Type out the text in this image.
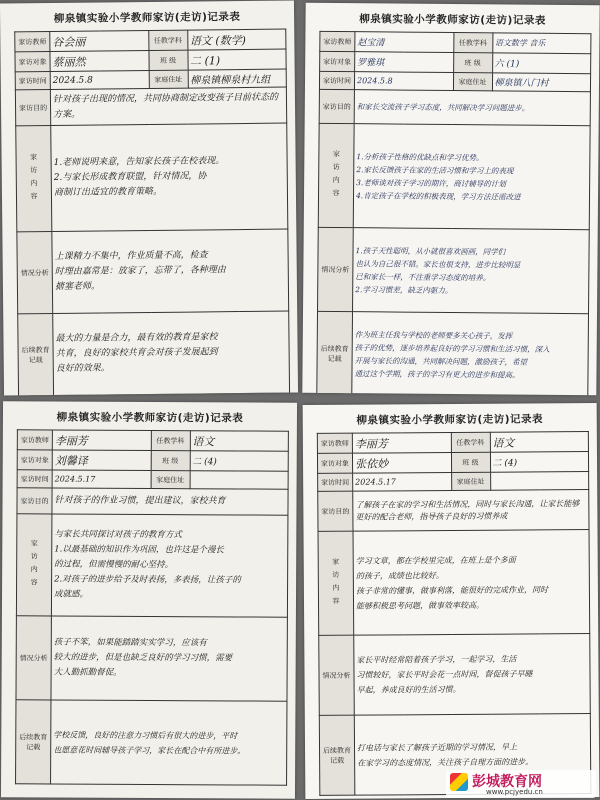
柳泉镇实验小学教师家访(走访)记录表
家访教师	谷会丽	任教学科	语文 (数学)
家访对象	蔡丽然	班 级	二 (1)
家访时间	2024.5.8	家庭住址	柳泉镇柳泉村九组
家访目的	针对孩子出现的情况，共同协商制定改变孩子目前状态的方案。		

家访内容	1.老师说明来意，告知家长孩子在校表现。
2.与家长形成教育联盟，针对情况，协
商制订出适宜的教育策略。		

情况分析	上课精力不集中，作业质量不高，检查
时理由嘉常是：放家了，忘带了，各种理由
搪塞老师。		

后续教育记载	最大的力量是合力，最有效的教育是家校
共育，良好的家校共育会对孩子发展起到
良好的效果。		
柳泉镇实验小学教师家访(走访)记录表
家访教师	赵宝清	任教学科	语文数学 音乐
家访对象	罗雅琪	班 级	六 (1)
家访时间	2024.5.8	家庭住址	柳泉镇八门村
家访目的	和家长交流孩子学习态度，共同解决学习问题进步。		

家访内容	1.分析孩子性格的优缺点和学习优势。
2.家长反馈孩子在家的生活习惯和学习上的表现
3.老师谈对孩子学习的期许，商讨辅导的计划
4.肯定孩子在学校的积极表现，学习方法还需改进		

情况分析	1.孩子天性聪明，从小就很喜欢画画，同学们
也认为自己很不错。家长也很支持，进步比较明显
已和家长一样，不注重学习态度的培养。
2.学习习惯差，缺乏内驱力。		

后续教育记载	作为班主任我与学校的老师要多关心孩子，发挥
孩子的优势，逐步培养起良好的学习习惯和生活习惯，深入
开展与家长的沟通，共同解决问题，激励孩子，希望
通过这个学期，孩子的学习有更大的进步和提高。		
柳泉镇实验小学教师家访(走访)记录表
家访教师	李丽芳	任教学科	语文
家访对象	刘馨译	班 级	二 (4)
家访时间	2024.5.17	家庭住址	
家访目的	针对孩子的作业习惯，提出建议，家校共育		

家访内容	与家长共同探讨对孩子的教育方式
1.以最基础的知识作为巩固，也许这是个漫长
的过程，但需慢慢的耐心坚持。
2.对孩子的进步给予及时表扬，多表扬，让孩子的
成就感。		

情况分析	孩子不笨，如果能踏踏实实学习，应该有
较大的进步，但是也缺乏良好的学习习惯，需要
大人勤抓勤督促。		

后续教育记载	学校反馈，良好的注意力习惯后有很大的进步，平时
也愿意花时间辅导孩子学习，家长在配合中有所进步。		
柳泉镇实验小学教师家访(走访)记录表
家访教师	李丽芳	任教学科	语文
家访对象	张依妙	班 级	二 (4)
家访时间	2024.5.17	家庭住址	
家访目的	了解孩子在家的学习和生活情况，同时与家长沟通，让家长能够更好的配合老师，指导孩子良好的习惯养成		

家访内容	学习文章，都在学校里完成，在班上是个多面
的孩子，成绩也比较好。
孩子非常的懂事，做事利落，能很好的完成作业，同时
能够积极思考问题，做事效率较高。		

情况分析	家长平时经常陪着孩子学习，一起学习，生活
习惯较好，家长平时会花一点时间，督促孩子早睡
早起，养成良好的生活习惯。		

后续教育记载	打电话与家长了解孩子近期的学习情况，早上
在家学习的态度情况，关注孩子自理方面的进步。		
彭城教育网
www.pcjyedu.cn
